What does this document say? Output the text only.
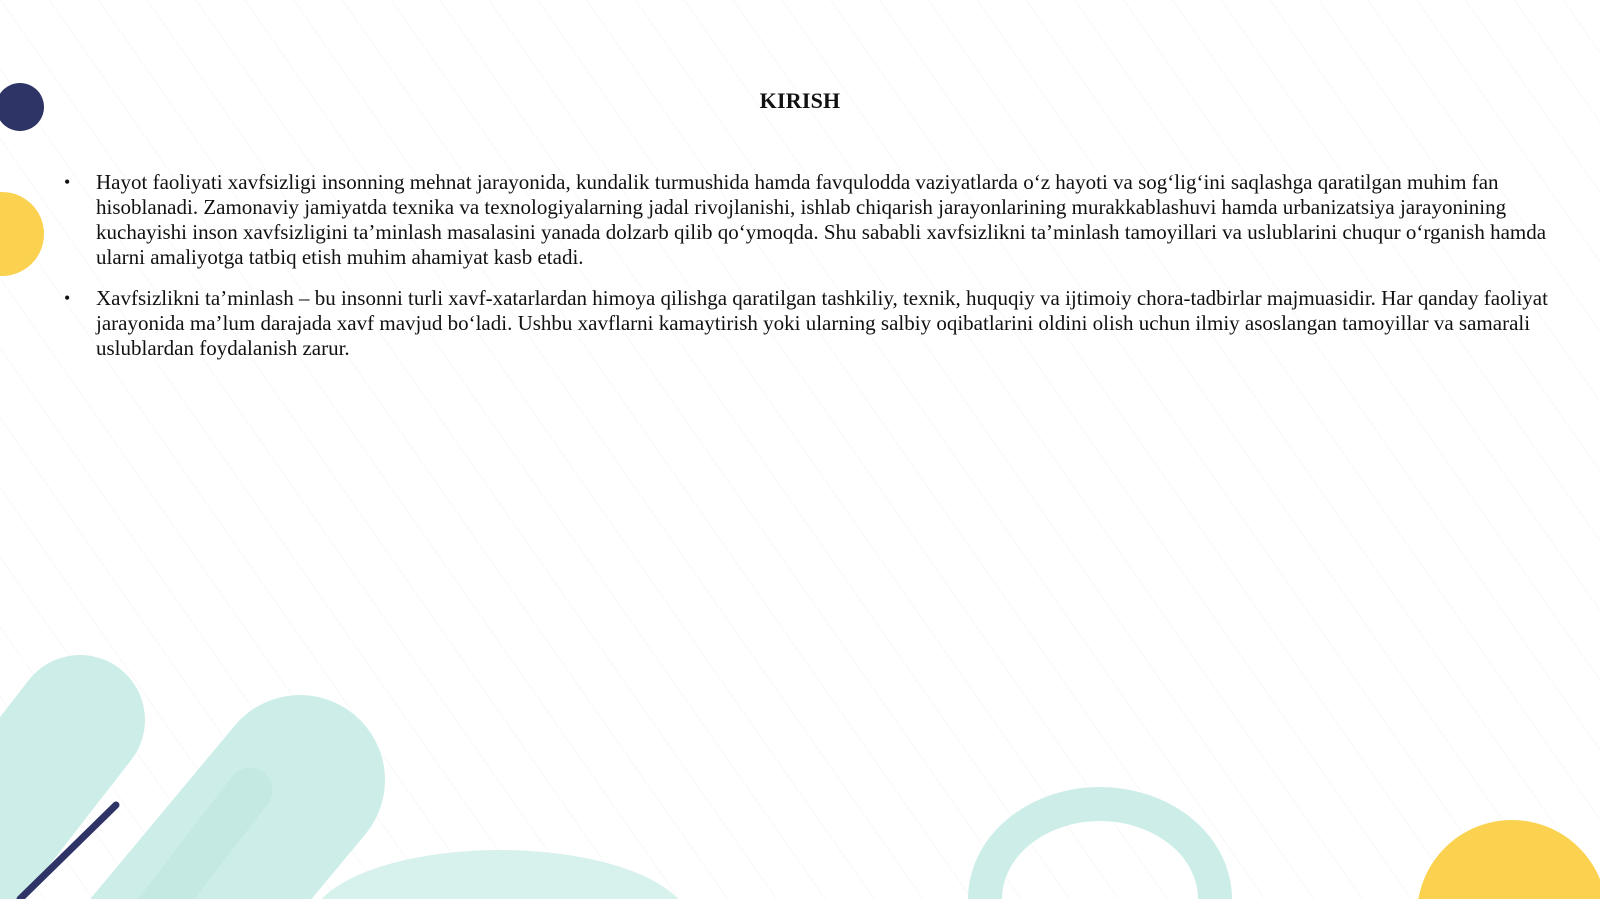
KIRISH
• Hayot faoliyati xavfsizligi insonning mehnat jarayonida, kundalik turmushida hamda favqulodda vaziyatlarda o‘z hayoti va sog‘lig‘ini saqlashga qaratilgan muhim fan hisoblanadi. Zamonaviy jamiyatda texnika va texnologiyalarning jadal rivojlanishi, ishlab chiqarish jarayonlarining murakkablashuvi hamda urbanizatsiya jarayonining kuchayishi inson xavfsizligini ta’minlash masalasini yanada dolzarb qilib qo‘ymoqda. Shu sababli xavfsizlikni ta’minlash tamoyillari va uslublarini chuqur o‘rganish hamda ularni amaliyotga tatbiq etish muhim ahamiyat kasb etadi.
• Xavfsizlikni ta’minlash – bu insonni turli xavf-xatarlardan himoya qilishga qaratilgan tashkiliy, texnik, huquqiy va ijtimoiy chora-tadbirlar majmuasidir. Har qanday faoliyat jarayonida ma’lum darajada xavf mavjud bo‘ladi. Ushbu xavflarni kamaytirish yoki ularning salbiy oqibatlarini oldini olish uchun ilmiy asoslangan tamoyillar va samarali uslublardan foydalanish zarur.
